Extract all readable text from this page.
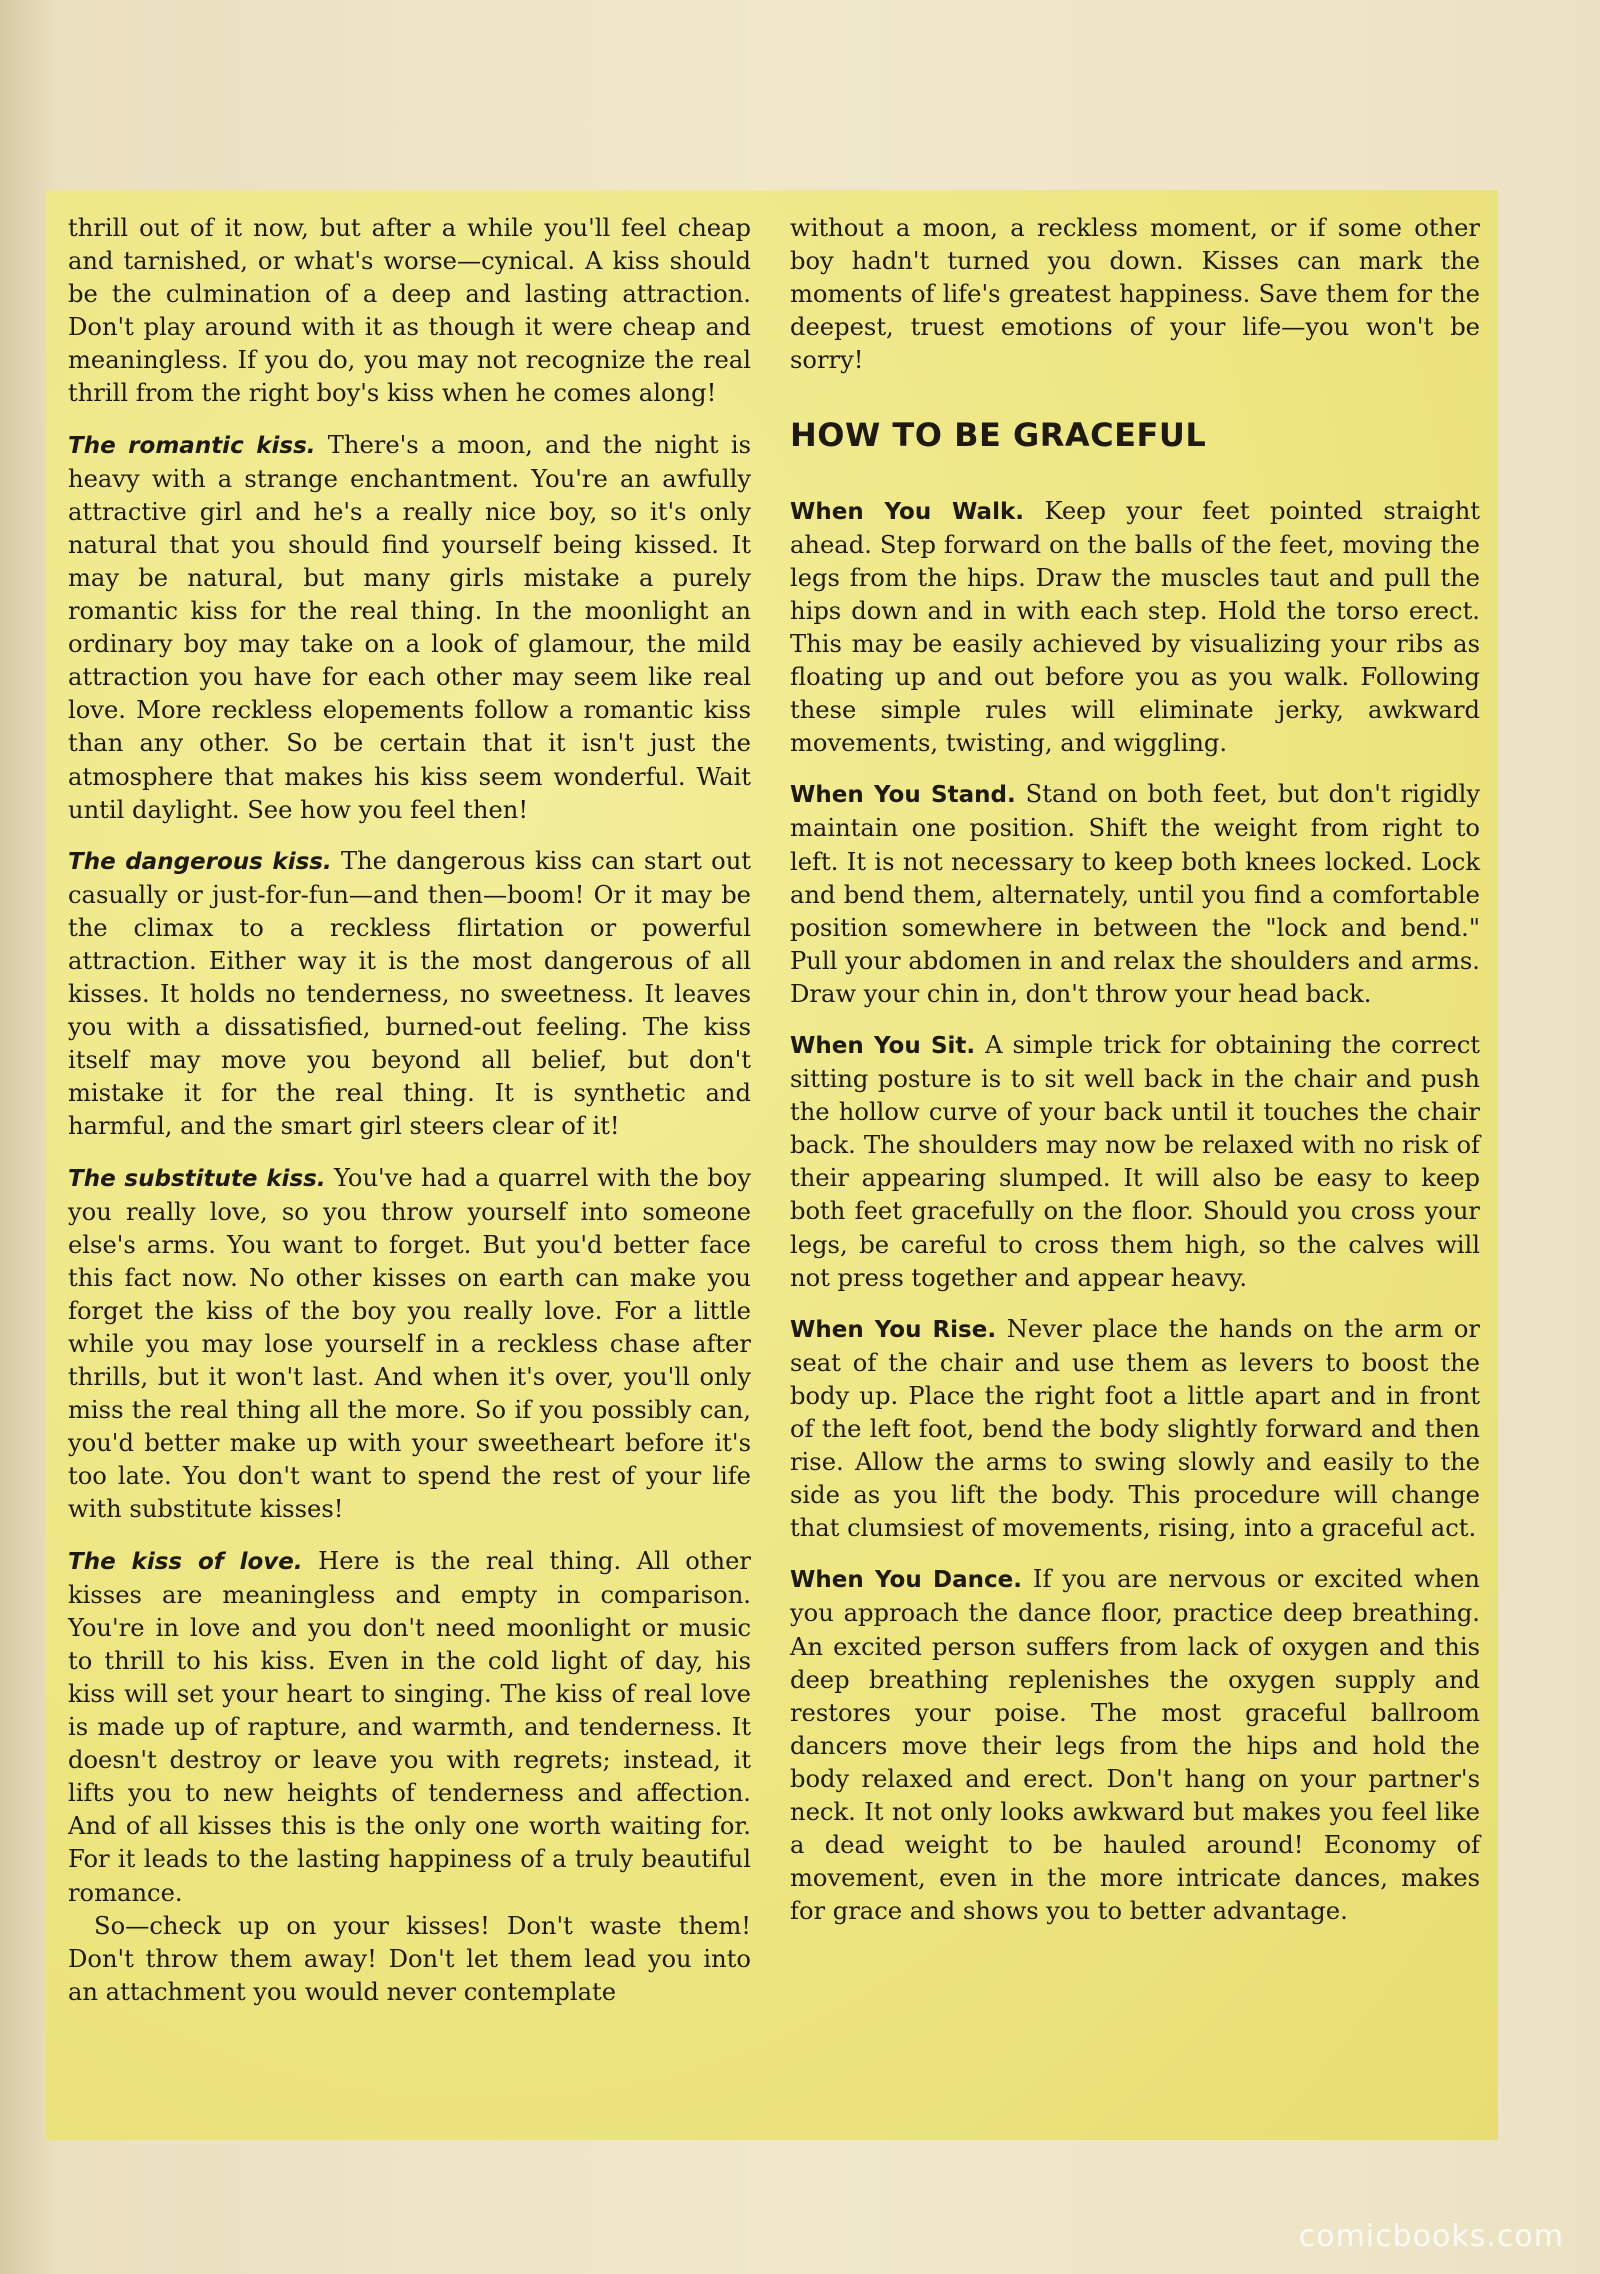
thrill out of it now, but after a while you'll feel cheap and tarnished, or what's worse—cynical. A kiss should be the culmination of a deep and lasting attraction. Don't play around with it as though it were cheap and meaningless. If you do, you may not recognize the real thrill from the right boy's kiss when he comes along!

The romantic kiss. There's a moon, and the night is heavy with a strange enchantment. You're an awfully attractive girl and he's a really nice boy, so it's only natural that you should find yourself being kissed. It may be natural, but many girls mistake a purely romantic kiss for the real thing. In the moonlight an ordinary boy may take on a look of glamour, the mild attraction you have for each other may seem like real love. More reckless elopements follow a romantic kiss than any other. So be certain that it isn't just the atmosphere that makes his kiss seem wonderful. Wait until daylight. See how you feel then!

The dangerous kiss. The dangerous kiss can start out casually or just-for-fun—and then—boom! Or it may be the climax to a reckless flirtation or powerful attraction. Either way it is the most dangerous of all kisses. It holds no tenderness, no sweetness. It leaves you with a dissatisfied, burned-out feeling. The kiss itself may move you beyond all belief, but don't mistake it for the real thing. It is synthetic and harmful, and the smart girl steers clear of it!

The substitute kiss. You've had a quarrel with the boy you really love, so you throw yourself into someone else's arms. You want to forget. But you'd better face this fact now. No other kisses on earth can make you forget the kiss of the boy you really love. For a little while you may lose yourself in a reckless chase after thrills, but it won't last. And when it's over, you'll only miss the real thing all the more. So if you possibly can, you'd better make up with your sweetheart before it's too late. You don't want to spend the rest of your life with substitute kisses!

The kiss of love. Here is the real thing. All other kisses are meaningless and empty in comparison. You're in love and you don't need moonlight or music to thrill to his kiss. Even in the cold light of day, his kiss will set your heart to singing. The kiss of real love is made up of rapture, and warmth, and tenderness. It doesn't destroy or leave you with regrets; instead, it lifts you to new heights of tenderness and affection. And of all kisses this is the only one worth waiting for. For it leads to the lasting happiness of a truly beautiful romance.

So—check up on your kisses! Don't waste them! Don't throw them away! Don't let them lead you into an attachment you would never contemplate

without a moon, a reckless moment, or if some other boy hadn't turned you down. Kisses can mark the moments of life's greatest happiness. Save them for the deepest, truest emotions of your life—you won't be sorry!

HOW TO BE GRACEFUL

When You Walk. Keep your feet pointed straight ahead. Step forward on the balls of the feet, moving the legs from the hips. Draw the muscles taut and pull the hips down and in with each step. Hold the torso erect. This may be easily achieved by visualizing your ribs as floating up and out before you as you walk. Following these simple rules will eliminate jerky, awkward movements, twisting, and wiggling.

When You Stand. Stand on both feet, but don't rigidly maintain one position. Shift the weight from right to left. It is not necessary to keep both knees locked. Lock and bend them, alternately, until you find a comfortable position somewhere in between the "lock and bend." Pull your abdomen in and relax the shoulders and arms. Draw your chin in, don't throw your head back.

When You Sit. A simple trick for obtaining the correct sitting posture is to sit well back in the chair and push the hollow curve of your back until it touches the chair back. The shoulders may now be relaxed with no risk of their appearing slumped. It will also be easy to keep both feet gracefully on the floor. Should you cross your legs, be careful to cross them high, so the calves will not press together and appear heavy.

When You Rise. Never place the hands on the arm or seat of the chair and use them as levers to boost the body up. Place the right foot a little apart and in front of the left foot, bend the body slightly forward and then rise. Allow the arms to swing slowly and easily to the side as you lift the body. This procedure will change that clumsiest of movements, rising, into a graceful act.

When You Dance. If you are nervous or excited when you approach the dance floor, practice deep breathing. An excited person suffers from lack of oxygen and this deep breathing replenishes the oxygen supply and restores your poise. The most graceful ballroom dancers move their legs from the hips and hold the body relaxed and erect. Don't hang on your partner's neck. It not only looks awkward but makes you feel like a dead weight to be hauled around! Economy of movement, even in the more intricate dances, makes for grace and shows you to better advantage.

comicbooks.com
